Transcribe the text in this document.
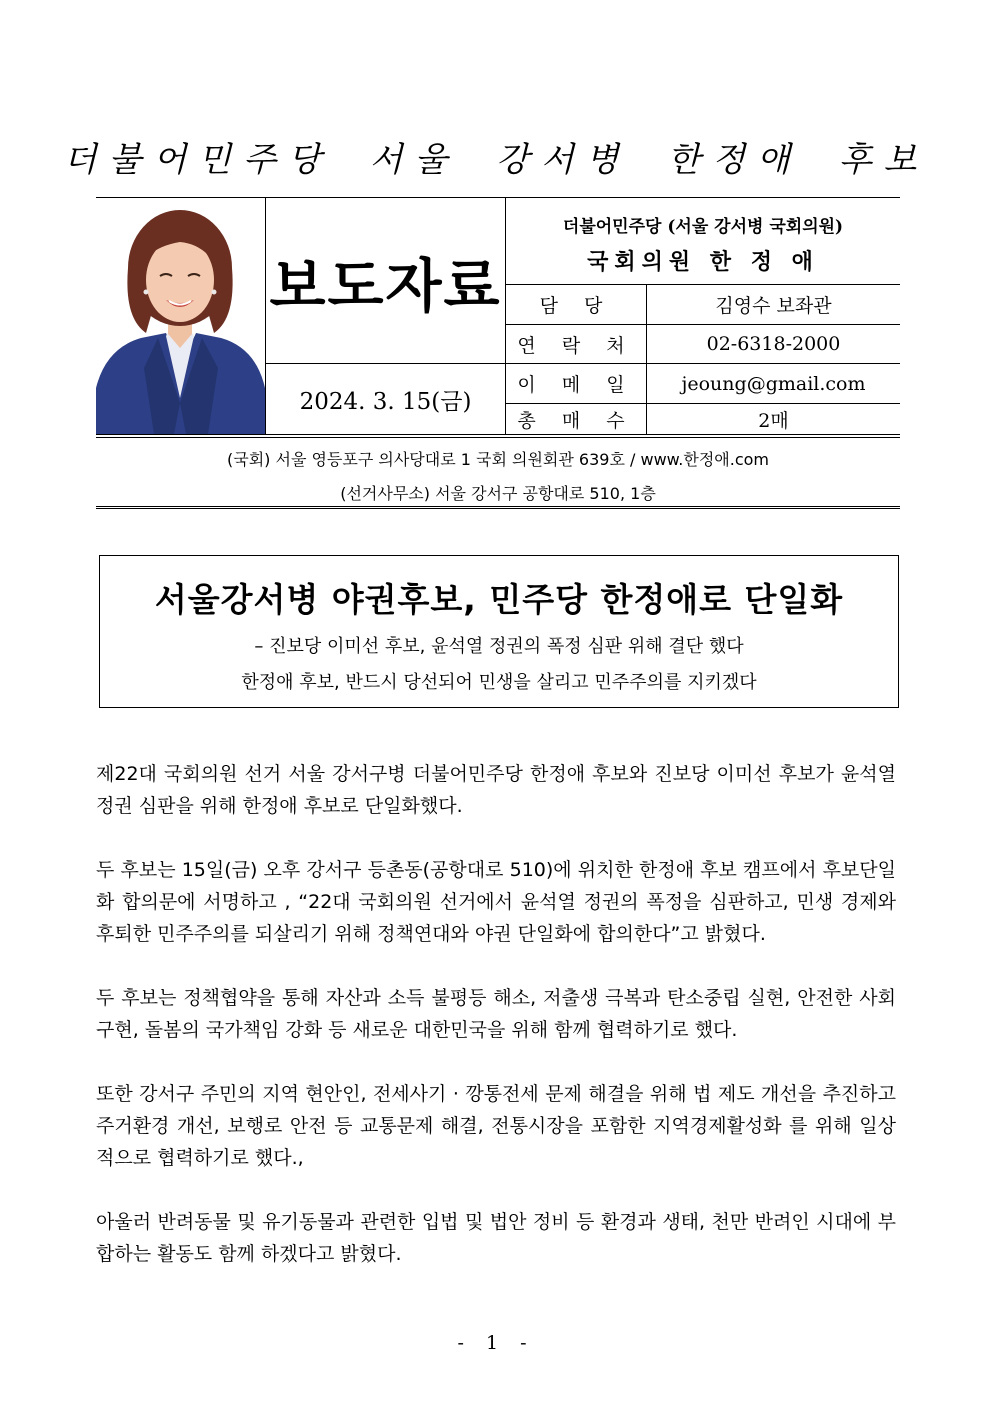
더불어민주당 서울 강서병 한정애 후보
보도자료
2024. 3. 15(금)
더불어민주당 (서울 강서병 국회의원)
국회의원 한 정 애
담 당	김영수 보좌관
연 락 처	02-6318-2000
이 메 일	jeoung@gmail.com
총 매 수	2매
(국회) 서울 영등포구 의사당대로 1 국회 의원회관 639호 / www.한정애.com
(선거사무소) 서울 강서구 공항대로 510, 1층
서울강서병 야권후보, 민주당 한정애로 단일화
– 진보당 이미선 후보, 윤석열 정권의 폭정 심판 위해 결단 했다
한정애 후보, 반드시 당선되어 민생을 살리고 민주주의를 지키겠다

제22대 국회의원 선거 서울 강서구병 더불어민주당 한정애 후보와 진보당 이미선 후보가 윤석열 정권 심판을 위해 한정애 후보로 단일화했다.

두 후보는 15일(금) 오후 강서구 등촌동(공항대로 510)에 위치한 한정애 후보 캠프에서 후보단일화 합의문에 서명하고 , “22대 국회의원 선거에서 윤석열 정권의 폭정을 심판하고, 민생 경제와 후퇴한 민주주의를 되살리기 위해 정책연대와 야권 단일화에 합의한다”고 밝혔다.

두 후보는 정책협약을 통해 자산과 소득 불평등 해소, 저출생 극복과 탄소중립 실현, 안전한 사회 구현, 돌봄의 국가책임 강화 등 새로운 대한민국을 위해 함께 협력하기로 했다.

또한 강서구 주민의 지역 현안인, 전세사기 · 깡통전세 문제 해결을 위해 법 제도 개선을 추진하고 주거환경 개선, 보행로 안전 등 교통문제 해결, 전통시장을 포함한 지역경제활성화 를 위해 일상적으로 협력하기로 했다.,

아울러 반려동물 및 유기동물과 관련한 입법 및 법안 정비 등 환경과 생태, 천만 반려인 시대에 부합하는 활동도 함께 하겠다고 밝혔다.

- 1 -
